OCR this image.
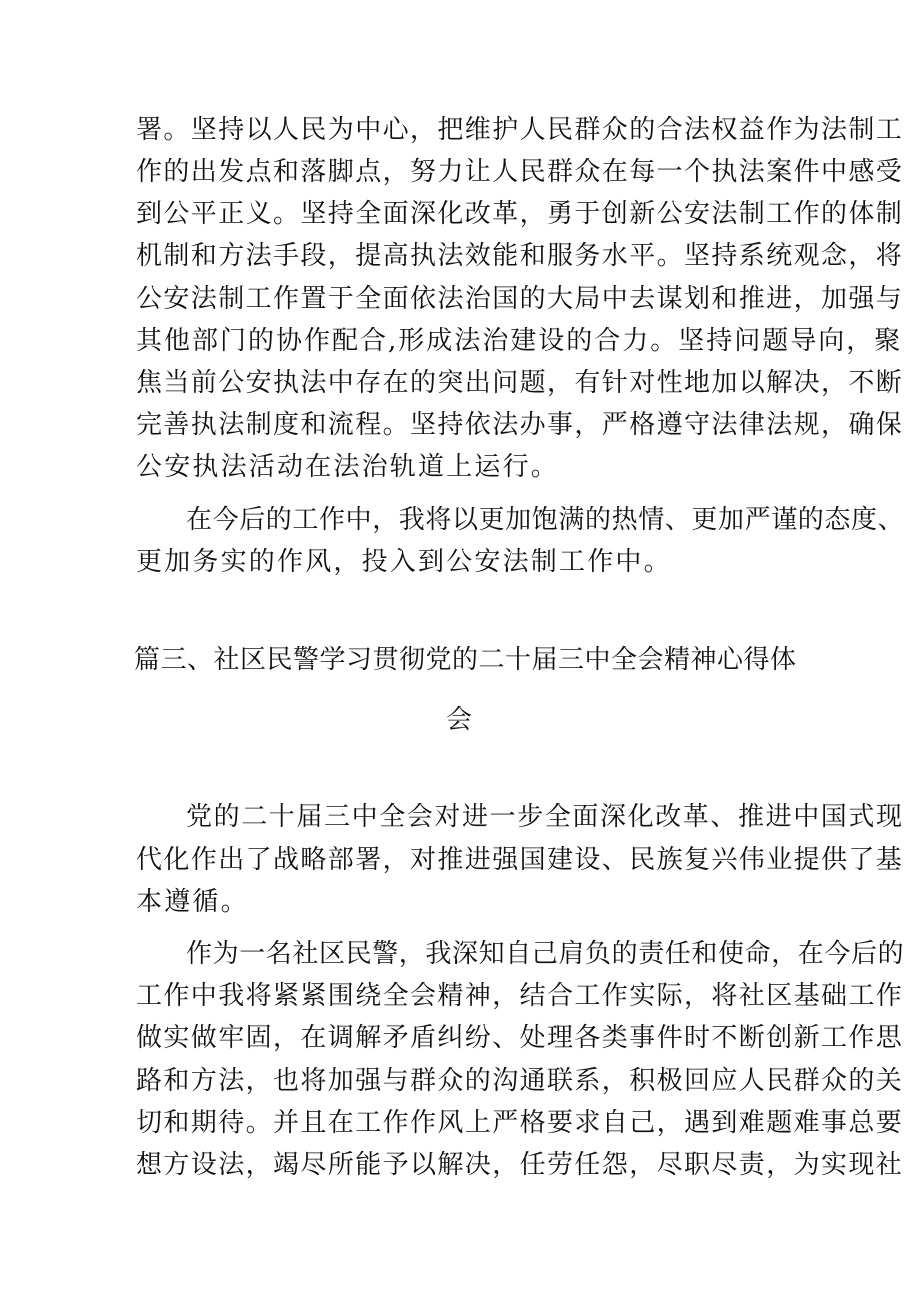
署。坚持以人民为中心，把维护人民群众的合法权益作为法制工
作的出发点和落脚点，努力让人民群众在每一个执法案件中感受
到公平正义。坚持全面深化改革，勇于创新公安法制工作的体制
机制和方法手段，提高执法效能和服务水平。坚持系统观念，将
公安法制工作置于全面依法治国的大局中去谋划和推进，加强与
其他部门的协作配合,形成法治建设的合力。坚持问题导向，聚
焦当前公安执法中存在的突出问题，有针对性地加以解决，不断
完善执法制度和流程。坚持依法办事，严格遵守法律法规，确保
公安执法活动在法治轨道上运行。
在今后的工作中，我将以更加饱满的热情、更加严谨的态度、
更加务实的作风，投入到公安法制工作中。
篇三、社区民警学习贯彻党的二十届三中全会精神心得体
会
党的二十届三中全会对进一步全面深化改革、推进中国式现
代化作出了战略部署，对推进强国建设、民族复兴伟业提供了基
本遵循。
作为一名社区民警，我深知自己肩负的责任和使命，在今后的
工作中我将紧紧围绕全会精神，结合工作实际，将社区基础工作
做实做牢固，在调解矛盾纠纷、处理各类事件时不断创新工作思
路和方法，也将加强与群众的沟通联系，积极回应人民群众的关
切和期待。并且在工作作风上严格要求自己，遇到难题难事总要
想方设法，竭尽所能予以解决，任劳任怨，尽职尽责，为实现社
